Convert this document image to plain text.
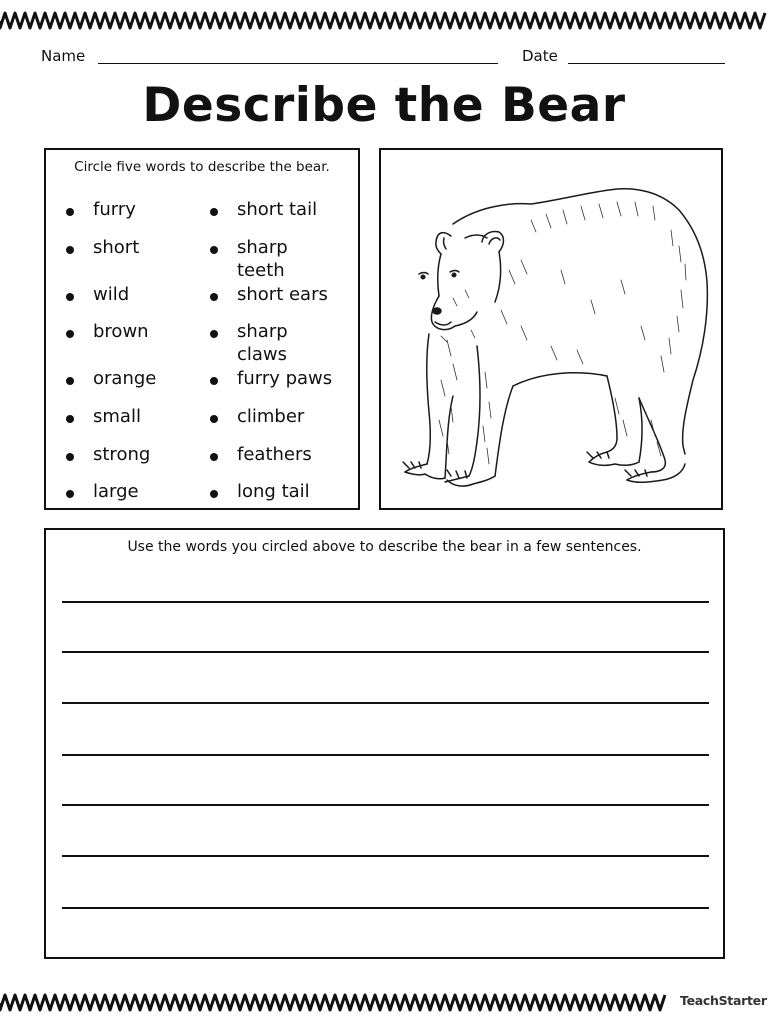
Name	Date
Describe the Bear
Circle five words to describe the bear.
furry
short
wild
brown
orange
small
strong
large
short tail
sharp teeth
short ears
sharp claws
furry paws
climber
feathers
long tail
Use the words you circled above to describe the bear in a few sentences.
TeachStarter
